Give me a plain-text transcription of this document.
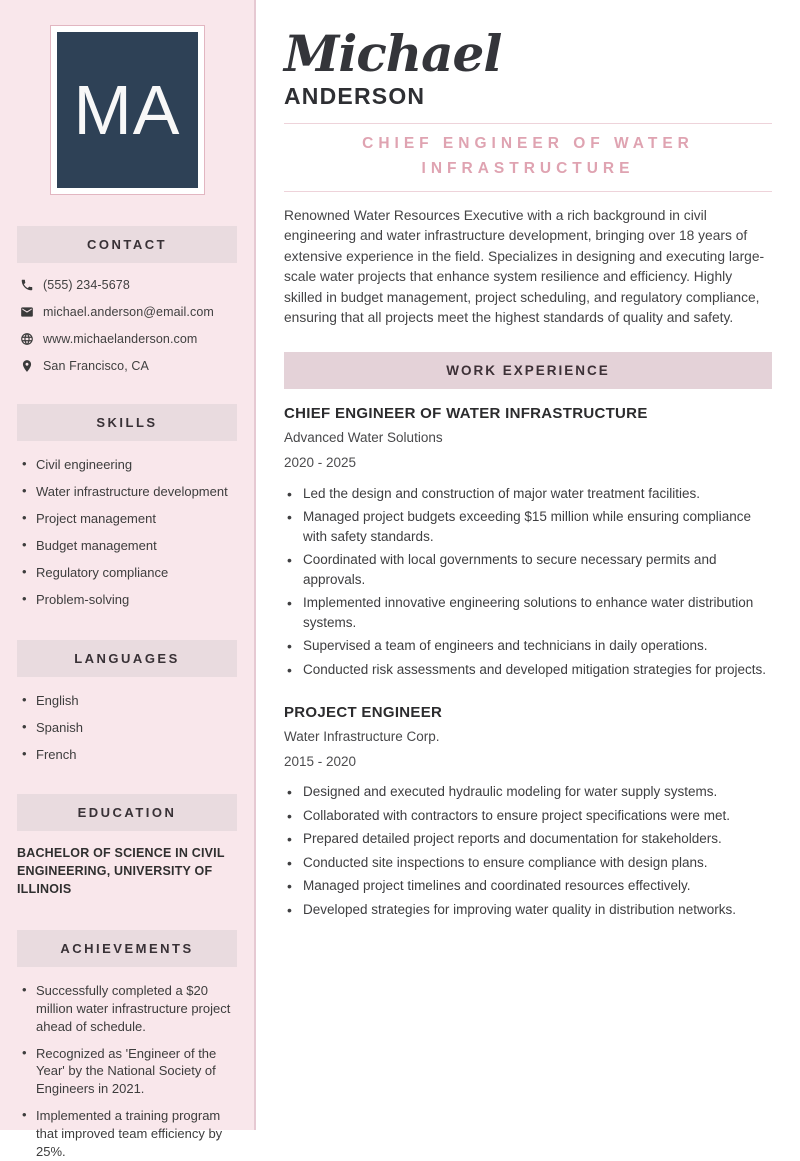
MA
CONTACT
(555) 234-5678
michael.anderson@email.com
www.michaelanderson.com
San Francisco, CA
SKILLS
• Civil engineering
• Water infrastructure development
• Project management
• Budget management
• Regulatory compliance
• Problem-solving
LANGUAGES
• English
• Spanish
• French
EDUCATION

BACHELOR OF SCIENCE IN CIVIL ENGINEERING, UNIVERSITY OF ILLINOIS

ACHIEVEMENTS
• Successfully completed a $20 million water infrastructure project ahead of schedule.
• Recognized as 'Engineer of the Year' by the National Society of Engineers in 2021.
• Implemented a training program that improved team efficiency by 25%.
Michael
ANDERSON
CHIEF ENGINEER OF WATER INFRASTRUCTURE

Renowned Water Resources Executive with a rich background in civil engineering and water infrastructure development, bringing over 18 years of extensive experience in the field. Specializes in designing and executing large-scale water projects that enhance system resilience and efficiency. Highly skilled in budget management, project scheduling, and regulatory compliance, ensuring that all projects meet the highest standards of quality and safety.

WORK EXPERIENCE
CHIEF ENGINEER OF WATER INFRASTRUCTURE
Advanced Water Solutions
2020 - 2025
• Led the design and construction of major water treatment facilities.
• Managed project budgets exceeding $15 million while ensuring compliance with safety standards.
• Coordinated with local governments to secure necessary permits and approvals.
• Implemented innovative engineering solutions to enhance water distribution systems.
• Supervised a team of engineers and technicians in daily operations.
• Conducted risk assessments and developed mitigation strategies for projects.
PROJECT ENGINEER
Water Infrastructure Corp.
2015 - 2020
• Designed and executed hydraulic modeling for water supply systems.
• Collaborated with contractors to ensure project specifications were met.
• Prepared detailed project reports and documentation for stakeholders.
• Conducted site inspections to ensure compliance with design plans.
• Managed project timelines and coordinated resources effectively.
• Developed strategies for improving water quality in distribution networks.
